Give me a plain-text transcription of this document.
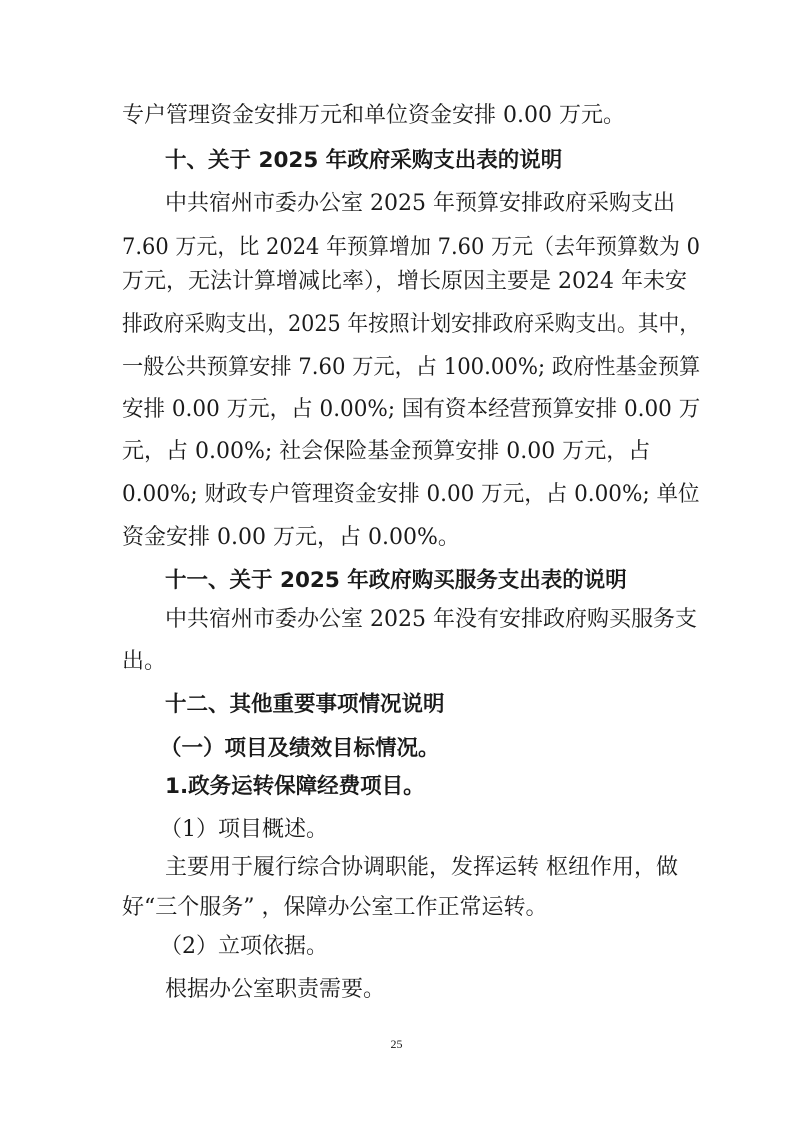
专户管理资金安排万元和单位资金安排 0.00 万元。
十、关于 2025 年政府采购支出表的说明
中共宿州市委办公室 2025 年预算安排政府采购支出
7.60 万元，比 2024 年预算增加 7.60 万元（去年预算数为 0
万元，无法计算增减比率），增长原因主要是 2024 年未安
排政府采购支出，2025 年按照计划安排政府采购支出。其中，
一般公共预算安排 7.60 万元，占 100.00%; 政府性基金预算
安排 0.00 万元，占 0.00%; 国有资本经营预算安排 0.00 万
元，占 0.00%; 社会保险基金预算安排 0.00 万元，占
0.00%; 财政专户管理资金安排 0.00 万元，占 0.00%; 单位
资金安排 0.00 万元，占 0.00%。
十一、关于 2025 年政府购买服务支出表的说明
中共宿州市委办公室 2025 年没有安排政府购买服务支
出。
十二、其他重要事项情况说明
（一）项目及绩效目标情况。
1.政务运转保障经费项目。
（1）项目概述。
主要用于履行综合协调职能，发挥运转 枢纽作用，做
好“三个服务” ，保障办公室工作正常运转。
（2）立项依据。
根据办公室职责需要。
25
